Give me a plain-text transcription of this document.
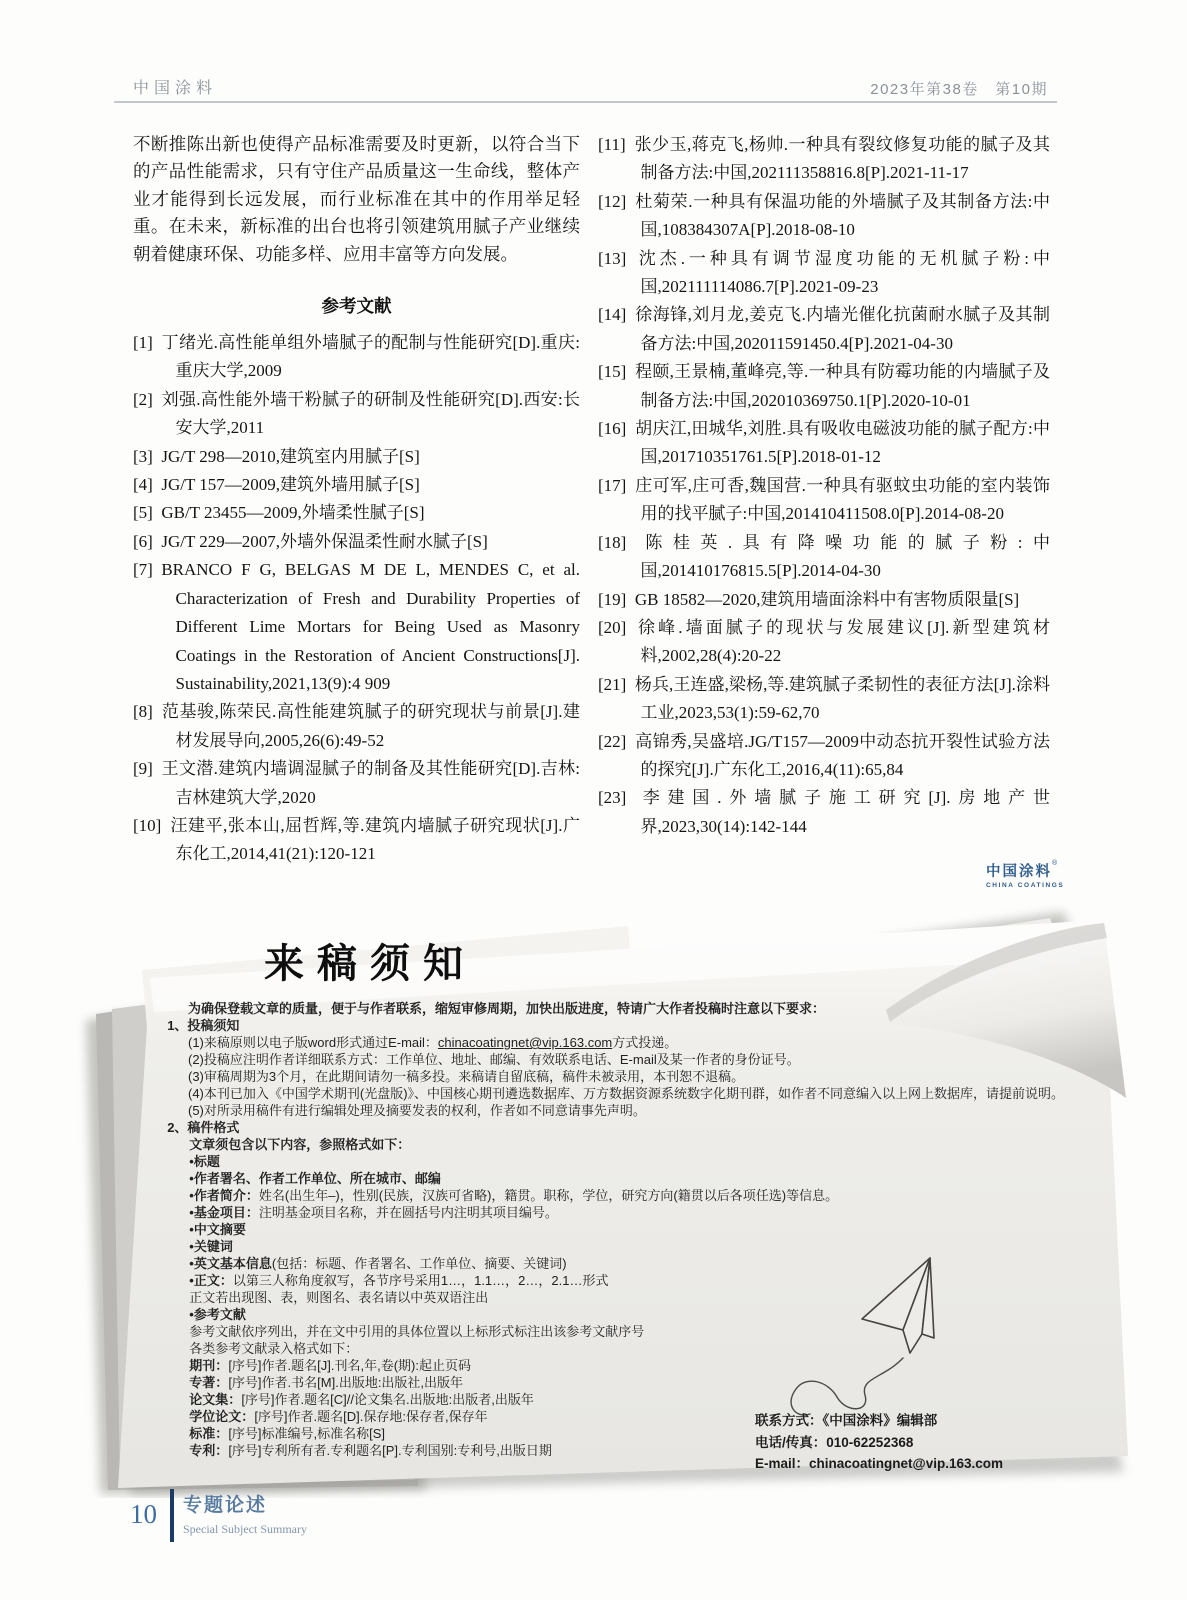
中国涂料	2023年第38卷　第10期

不断推陈出新也使得产品标准需要及时更新，以符合当下的产品性能需求，只有守住产品质量这一生命线，整体产业才能得到长远发展，而行业标准在其中的作用举足轻重。在未来，新标准的出台也将引领建筑用腻子产业继续朝着健康环保、功能多样、应用丰富等方向发展。

参考文献

[1] 丁绪光.高性能单组外墙腻子的配制与性能研究[D].重庆:重庆大学,2009

[2] 刘强.高性能外墙干粉腻子的研制及性能研究[D].西安:长安大学,2011

[3] JG/T 298—2010,建筑室内用腻子[S]

[4] JG/T 157—2009,建筑外墙用腻子[S]

[5] GB/T 23455—2009,外墙柔性腻子[S]

[6] JG/T 229—2007,外墙外保温柔性耐水腻子[S]

[7] BRANCO F G, BELGAS M DE L, MENDES C, et al. Characterization of Fresh and Durability Properties of Different Lime Mortars for Being Used as Masonry Coatings in the Restoration of Ancient Constructions[J]. Sustainability,2021,13(9):4 909

[8] 范基骏,陈荣民.高性能建筑腻子的研究现状与前景[J].建材发展导向,2005,26(6):49-52

[9] 王文潜.建筑内墙调湿腻子的制备及其性能研究[D].吉林:吉林建筑大学,2020

[10] 汪建平,张本山,屈哲辉,等.建筑内墙腻子研究现状[J].广东化工,2014,41(21):120-121

[11] 张少玉,蒋克飞,杨帅.一种具有裂纹修复功能的腻子及其制备方法:中国,202111358816.8[P].2021-11-17

[12] 杜菊荣.一种具有保温功能的外墙腻子及其制备方法:中国,108384307A[P].2018-08-10

[13] 沈杰.一种具有调节湿度功能的无机腻子粉:中国,202111114086.7[P].2021-09-23

[14] 徐海锋,刘月龙,姜克飞.内墙光催化抗菌耐水腻子及其制备方法:中国,202011591450.4[P].2021-04-30

[15] 程颐,王景楠,董峰亮,等.一种具有防霉功能的内墙腻子及制备方法:中国,202010369750.1[P].2020-10-01

[16] 胡庆江,田城华,刘胜.具有吸收电磁波功能的腻子配方:中国,201710351761.5[P].2018-01-12

[17] 庄可军,庄可香,魏国营.一种具有驱蚊虫功能的室内装饰用的找平腻子:中国,201410411508.0[P].2014-08-20

[18] 陈桂英.具有降噪功能的腻子粉:中国,201410176815.5[P].2014-04-30

[19] GB 18582—2020,建筑用墙面涂料中有害物质限量[S]

[20] 徐峰.墙面腻子的现状与发展建议[J].新型建筑材料,2002,28(4):20-22

[21] 杨兵,王连盛,梁杨,等.建筑腻子柔韧性的表征方法[J].涂料工业,2023,53(1):59-62,70

[22] 高锦秀,吴盛培.JG/T157—2009中动态抗开裂性试验方法的探究[J].广东化工,2016,4(11):65,84

[23] 李建国.外墙腻子施工研究[J].房地产世界,2023,30(14):142-144

中国涂料®
CHINA COATINGS
来稿须知

为确保登载文章的质量，便于与作者联系，缩短审修周期，加快出版进度，特请广大作者投稿时注意以下要求：

1、投稿须知

(1)来稿原则以电子版word形式通过E-mail：chinacoatingnet@vip.163.com方式投递。

(2)投稿应注明作者详细联系方式：工作单位、地址、邮编、有效联系电话、E-mail及某一作者的身份证号。

(3)审稿周期为3个月，在此期间请勿一稿多投。来稿请自留底稿，稿件未被录用，本刊恕不退稿。

(4)本刊已加入《中国学术期刊(光盘版)》、中国核心期刊遴选数据库、万方数据资源系统数字化期刊群，如作者不同意编入以上网上数据库，请提前说明。

(5)对所录用稿件有进行编辑处理及摘要发表的权利，作者如不同意请事先声明。

2、稿件格式

文章须包含以下内容，参照格式如下：

•标题

•作者署名、作者工作单位、所在城市、邮编

•作者简介：姓名(出生年–)，性别(民族，汉族可省略)，籍贯。职称，学位，研究方向(籍贯以后各项任选)等信息。

•基金项目：注明基金项目名称，并在圆括号内注明其项目编号。

•中文摘要

•关键词

•英文基本信息(包括：标题、作者署名、工作单位、摘要、关键词)

•正文：以第三人称角度叙写，各节序号采用1…，1.1…，2…，2.1…形式

正文若出现图、表，则图名、表名请以中英双语注出

•参考文献

参考文献依序列出，并在文中引用的具体位置以上标形式标注出该参考文献序号

各类参考文献录入格式如下：

期刊：[序号]作者.题名[J].刊名,年,卷(期):起止页码

专著：[序号]作者.书名[M].出版地:出版社,出版年

论文集：[序号]作者.题名[C]//论文集名.出版地:出版者,出版年

学位论文：[序号]作者.题名[D].保存地:保存者,保存年

标准：[序号]标准编号,标准名称[S]

专利：[序号]专利所有者.专利题名[P].专利国别:专利号,出版日期

联系方式：《中国涂料》编辑部
电话/传真：010-62252368
E-mail：chinacoatingnet@vip.163.com
10 专题论述
Special Subject Summary
